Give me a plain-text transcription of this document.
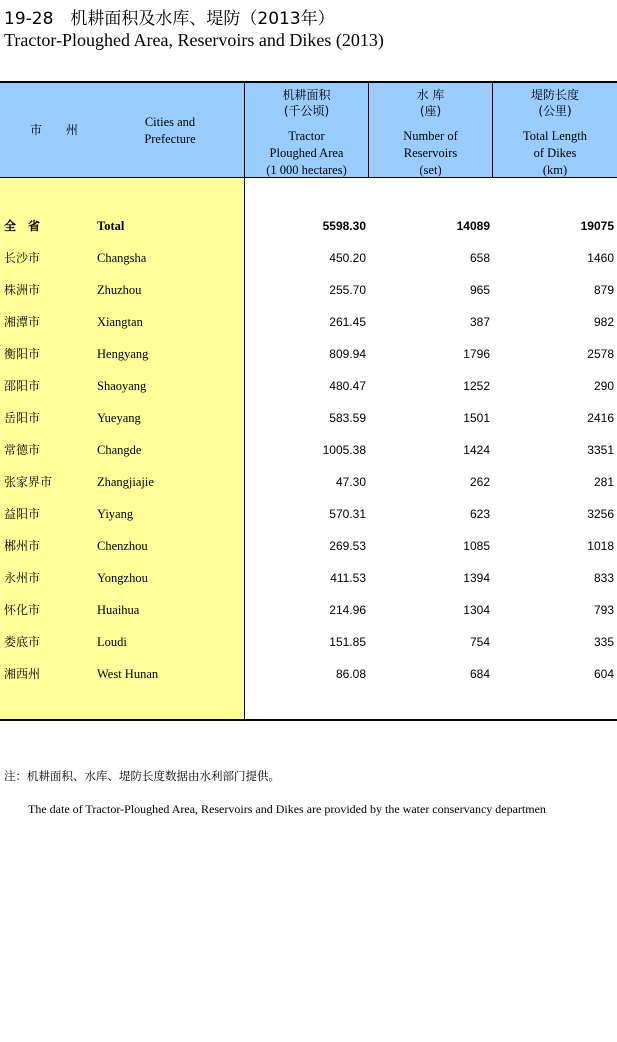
19-28　机耕面积及水库、堤防（2013年）
Tractor-Ploughed Area, Reservoirs and Dikes (2013)
市 州
Cities and
Prefecture
机耕面积
(千公顷)
Tractor
Ploughed Area
(1 000 hectares)
水 库
(座)
Number of
Reservoirs
(set)
堤防长度
(公里)
Total Length
of Dikes
(km)
全　省	Total	5598.30	14089	19075
长沙市	Changsha	450.20	658	1460
株洲市	Zhuzhou	255.70	965	879
湘潭市	Xiangtan	261.45	387	982
衡阳市	Hengyang	809.94	1796	2578
邵阳市	Shaoyang	480.47	1252	290
岳阳市	Yueyang	583.59	1501	2416
常德市	Changde	1005.38	1424	3351
张家界市	Zhangjiajie	47.30	262	281
益阳市	Yiyang	570.31	623	3256
郴州市	Chenzhou	269.53	1085	1018
永州市	Yongzhou	411.53	1394	833
怀化市	Huaihua	214.96	1304	793
娄底市	Loudi	151.85	754	335
湘西州	West Hunan	86.08	684	604
注：机耕面积、水库、堤防长度数据由水利部门提供。
The date of Tractor-Ploughed Area, Reservoirs and Dikes are provided by the water conservancy departmen
